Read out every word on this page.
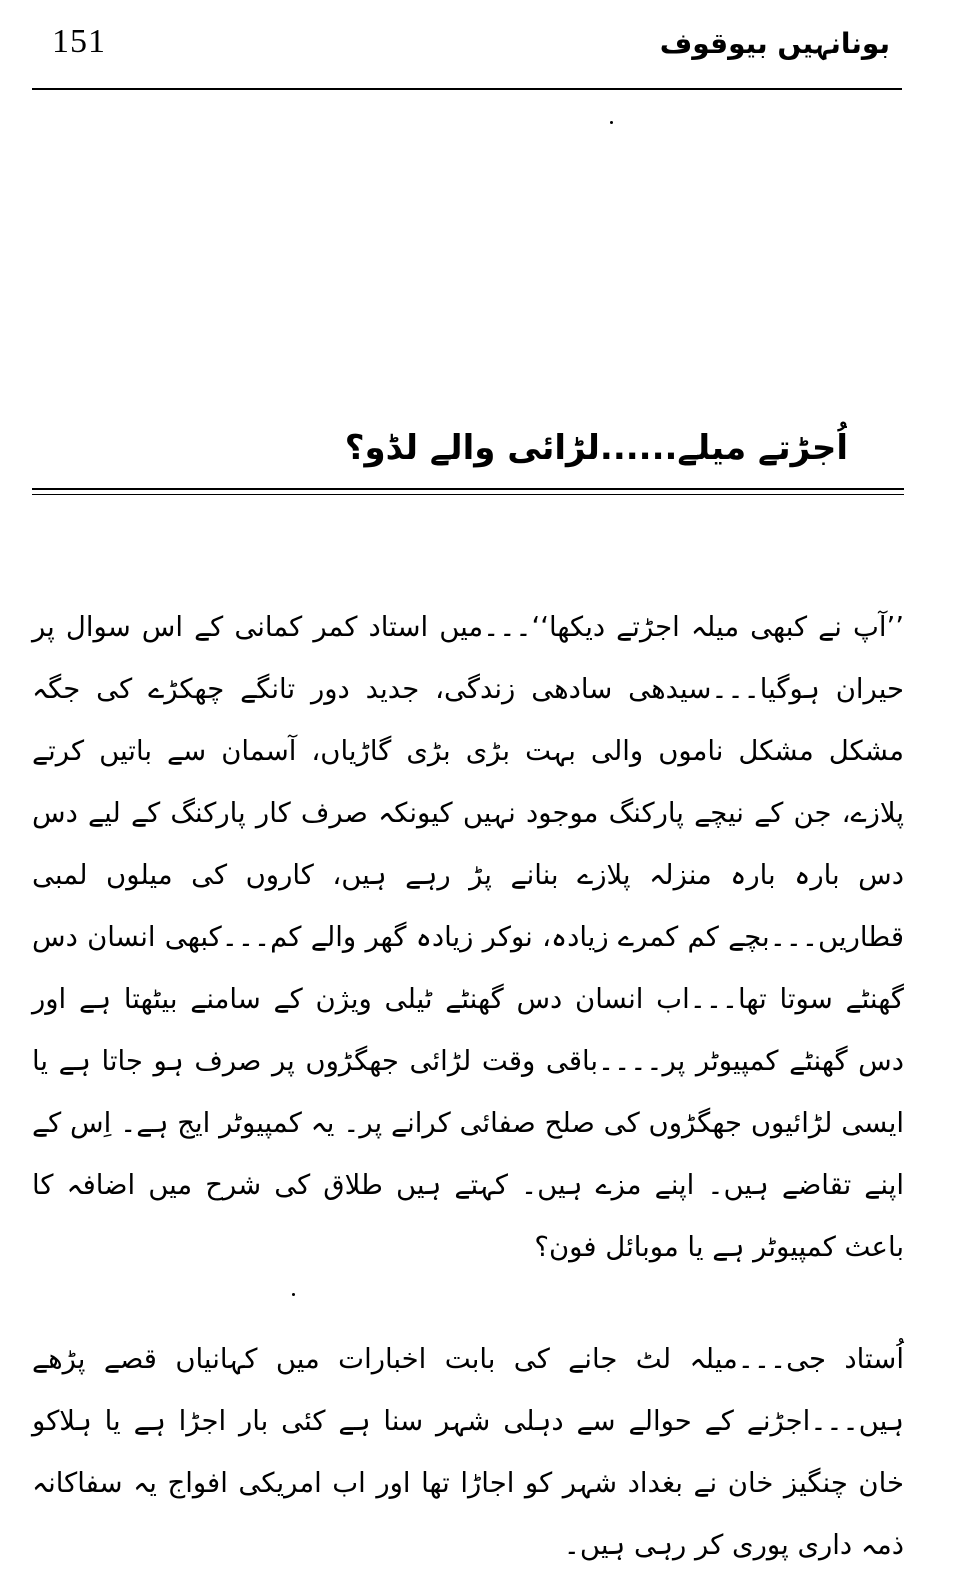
151	بونانہیں بیوقوف
اُجڑتے میلے......لڑائی والے لڈو؟
’’آپ نے کبھی میلہ اجڑتے دیکھا‘‘۔۔۔میں استاد کمر کمانی کے اس سوال پر حیران ہوگیا۔۔۔سیدھی سادھی زندگی، جدید دور تانگے چھکڑے کی جگہ مشکل مشکل ناموں والی بہت بڑی بڑی گاڑیاں، آسمان سے باتیں کرتے پلازے، جن کے نیچے پارکنگ موجود نہیں کیونکہ صرف کار پارکنگ کے لیے دس دس بارہ بارہ منزلہ پلازے بنانے پڑ رہے ہیں، کاروں کی میلوں لمبی قطاریں۔۔۔بچے کم کمرے زیادہ، نوکر زیادہ گھر والے کم۔۔۔کبھی انسان دس گھنٹے سوتا تھا۔۔۔اب انسان دس گھنٹے ٹیلی ویژن کے سامنے بیٹھتا ہے اور دس گھنٹے کمپیوٹر پر۔۔۔۔باقی وقت لڑائی جھگڑوں پر صرف ہو جاتا ہے یا ایسی لڑائیوں جھگڑوں کی صلح صفائی کرانے پر۔ یہ کمپیوٹر ایج ہے۔ اِس کے اپنے تقاضے ہیں۔ اپنے مزے ہیں۔ کہتے ہیں طلاق کی شرح میں اضافہ کا باعث کمپیوٹر ہے یا موبائل فون؟
اُستاد جی۔۔۔میلہ لٹ جانے کی بابت اخبارات میں کہانیاں قصے پڑھے ہیں۔۔۔اجڑنے کے حوالے سے دہلی شہر سنا ہے کئی بار اجڑا ہے یا ہلاکو خان چنگیز خان نے بغداد شہر کو اجاڑا تھا اور اب امریکی افواج یہ سفاکانہ ذمہ داری پوری کر رہی ہیں۔
